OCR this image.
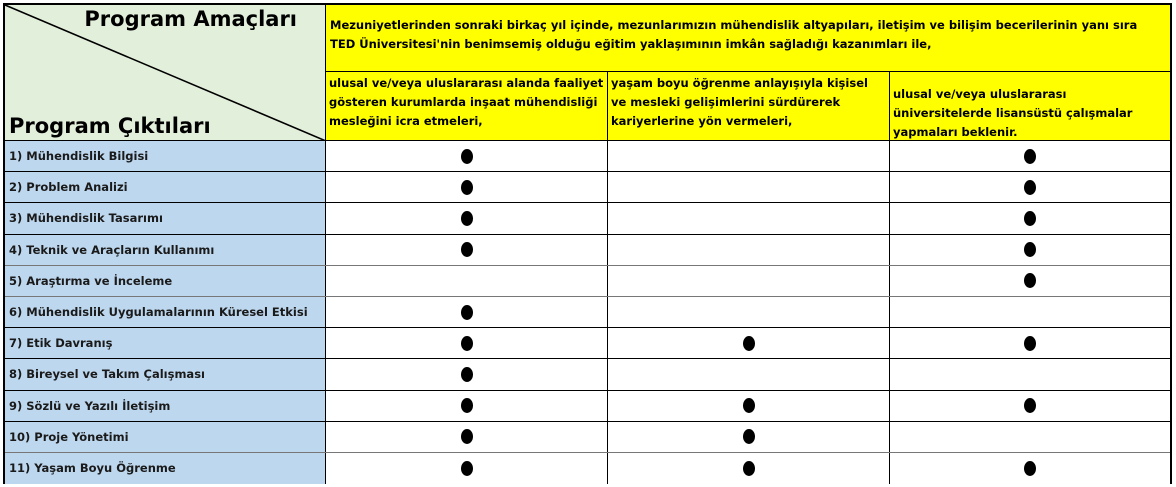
Program Amaçları
Program Çıktıları
Mezuniyetlerinden sonraki birkaç yıl içinde, mezunlarımızın mühendislik altyapıları, iletişim ve bilişim becerilerinin yanı sıra TED Üniversitesi'nin benimsemiş olduğu eğitim yaklaşımının imkân sağladığı kazanımları ile,
ulusal ve/veya uluslararası alanda faaliyet gösteren kurumlarda inşaat mühendisliği mesleğini icra etmeleri,
yaşam boyu öğrenme anlayışıyla kişisel ve mesleki gelişimlerini sürdürerek kariyerlerine yön vermeleri,
ulusal ve/veya uluslararası üniversitelerde lisansüstü çalışmalar yapmaları beklenir.
1) Mühendislik Bilgisi
2) Problem Analizi
3) Mühendislik Tasarımı
4) Teknik ve Araçların Kullanımı
5) Araştırma ve İnceleme
6) Mühendislik Uygulamalarının Küresel Etkisi
7) Etik Davranış
8) Bireysel ve Takım Çalışması
9) Sözlü ve Yazılı İletişim
10) Proje Yönetimi
11) Yaşam Boyu Öğrenme
